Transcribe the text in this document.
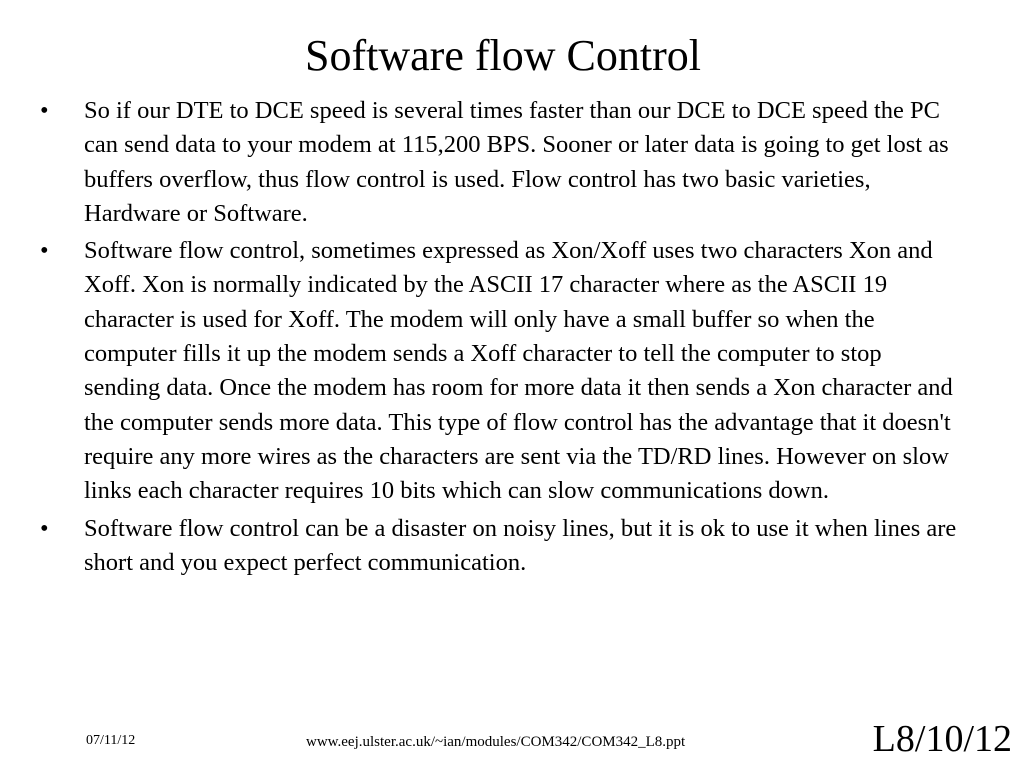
Software flow Control
•	So if our DTE to DCE speed is several times faster than our DCE to DCE speed the PC can send data to your modem at 115,200 BPS. Sooner or later data is going to get lost as buffers overflow, thus flow control is used. Flow control has two basic varieties, Hardware or Software.
•	Software flow control, sometimes expressed as Xon/Xoff uses two characters Xon and Xoff. Xon is normally indicated by the ASCII 17 character where as the ASCII 19 character is used for Xoff. The modem will only have a small buffer so when the computer fills it up the modem sends a Xoff character to tell the computer to stop sending data. Once the modem has room for more data it then sends a Xon character and the computer sends more data. This type of flow control has the advantage that it doesn't require any more wires as the characters are sent via the TD/RD lines. However on slow links each character requires 10 bits which can slow communications down.
•	Software flow control can be a disaster on noisy lines, but it is ok to use it when lines are short and you expect perfect communication.
07/11/12	www.eej.ulster.ac.uk/~ian/modules/COM342/COM342_L8.ppt	L8/10/12
